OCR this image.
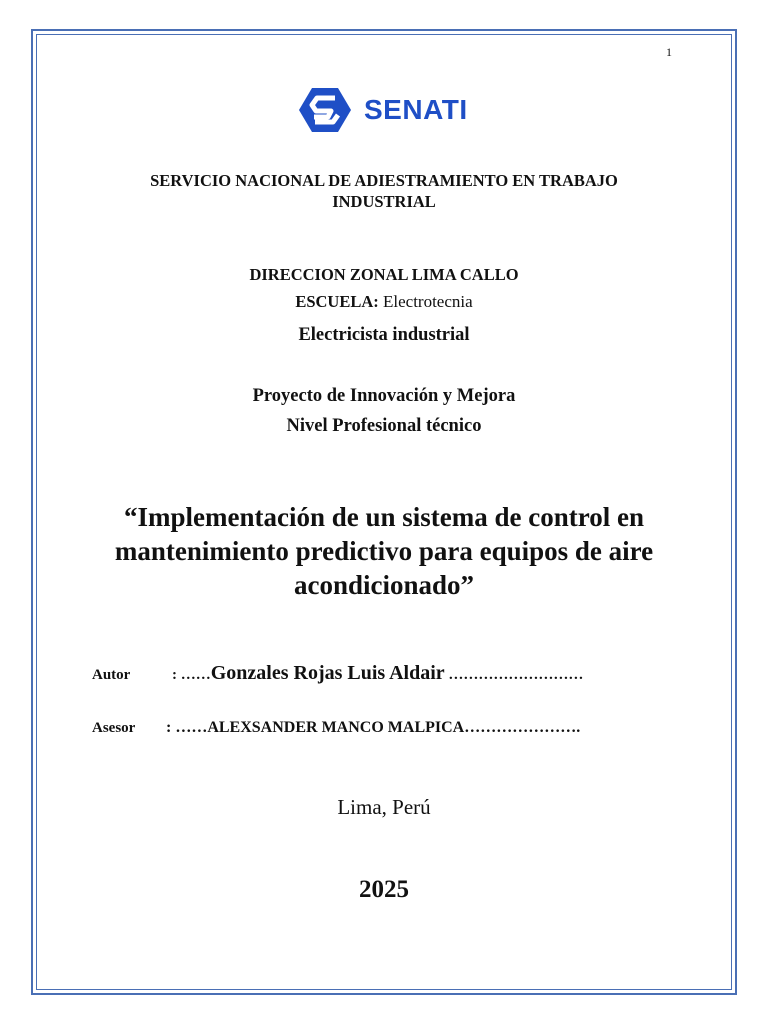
1
SENATI
SERVICIO NACIONAL DE ADIESTRAMIENTO EN TRABAJO INDUSTRIAL
DIRECCION ZONAL LIMA CALLO
ESCUELA: Electrotecnia
Electricista industrial
Proyecto de Innovación y Mejora
Nivel Profesional técnico
“Implementación de un sistema de control en mantenimiento predictivo para equipos de aire acondicionado”
Autor	: ……Gonzales Rojas Luis Aldair ………………………
Asesor : ……ALEXSANDER MANCO MALPICA………………….
Lima, Perú
2025
